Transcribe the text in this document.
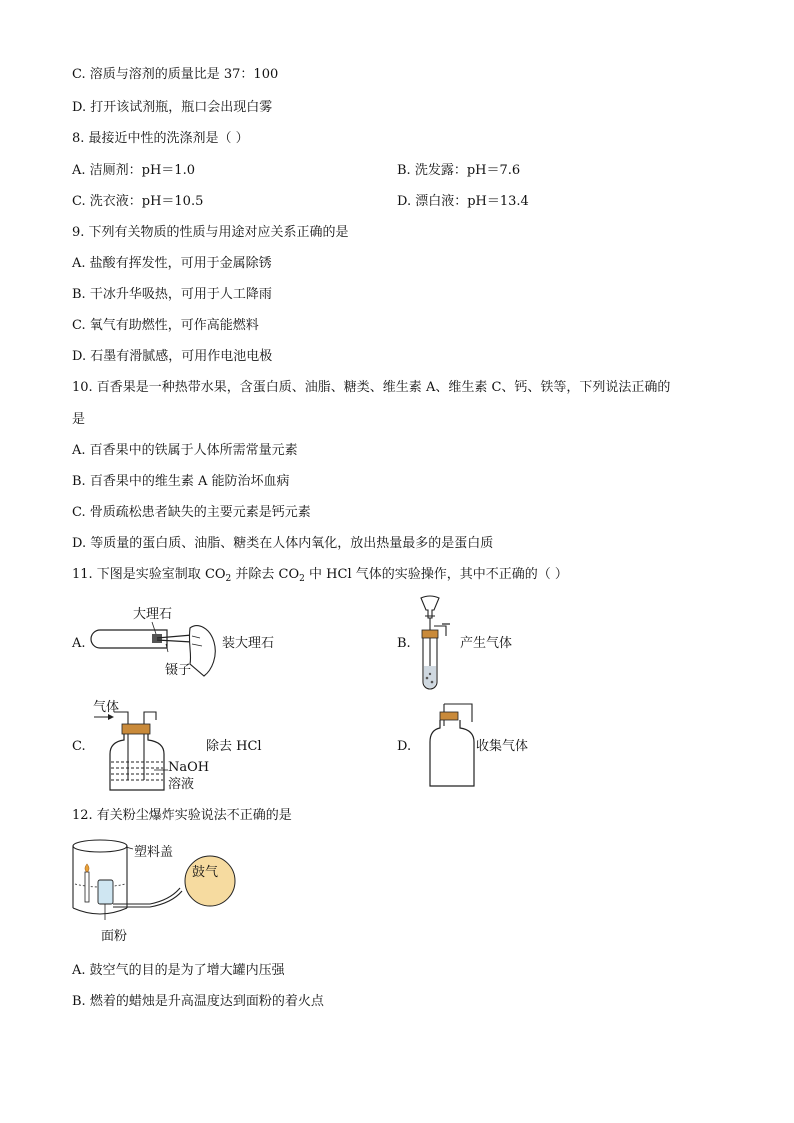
C. 溶质与溶剂的质量比是 37：100
D. 打开该试剂瓶，瓶口会出现白雾
8. 最接近中性的洗涤剂是（ ）
A. 洁厕剂：pH＝1.0	B. 洗发露：pH＝7.6
C. 洗衣液：pH＝10.5	D. 漂白液：pH＝13.4
9. 下列有关物质的性质与用途对应关系正确的是
A. 盐酸有挥发性，可用于金属除锈
B. 干冰升华吸热，可用于人工降雨
C. 氧气有助燃性，可作高能燃料
D. 石墨有滑腻感，可用作电池电极
10. 百香果是一种热带水果，含蛋白质、油脂、糖类、维生素 A、维生素 C、钙、铁等，下列说法正确的
是
A. 百香果中的铁属于人体所需常量元素
B. 百香果中的维生素 A 能防治坏血病
C. 骨质疏松患者缺失的主要元素是钙元素
D. 等质量的蛋白质、油脂、糖类在人体内氧化，放出热量最多的是蛋白质
11. 下图是实验室制取 $CO_2$ 并除去 $CO_2$ 中 HCl 气体的实验操作，其中不正确的（ ）
A.
大理石
镊子
装大理石	B.	产生气体
C.
气体
NaOH
溶液
除去 HCl	D.	收集气体
12. 有关粉尘爆炸实验说法不正确的是
塑料盖
鼓气
面粉
A. 鼓空气的目的是为了增大罐内压强
B. 燃着的蜡烛是升高温度达到面粉的着火点
